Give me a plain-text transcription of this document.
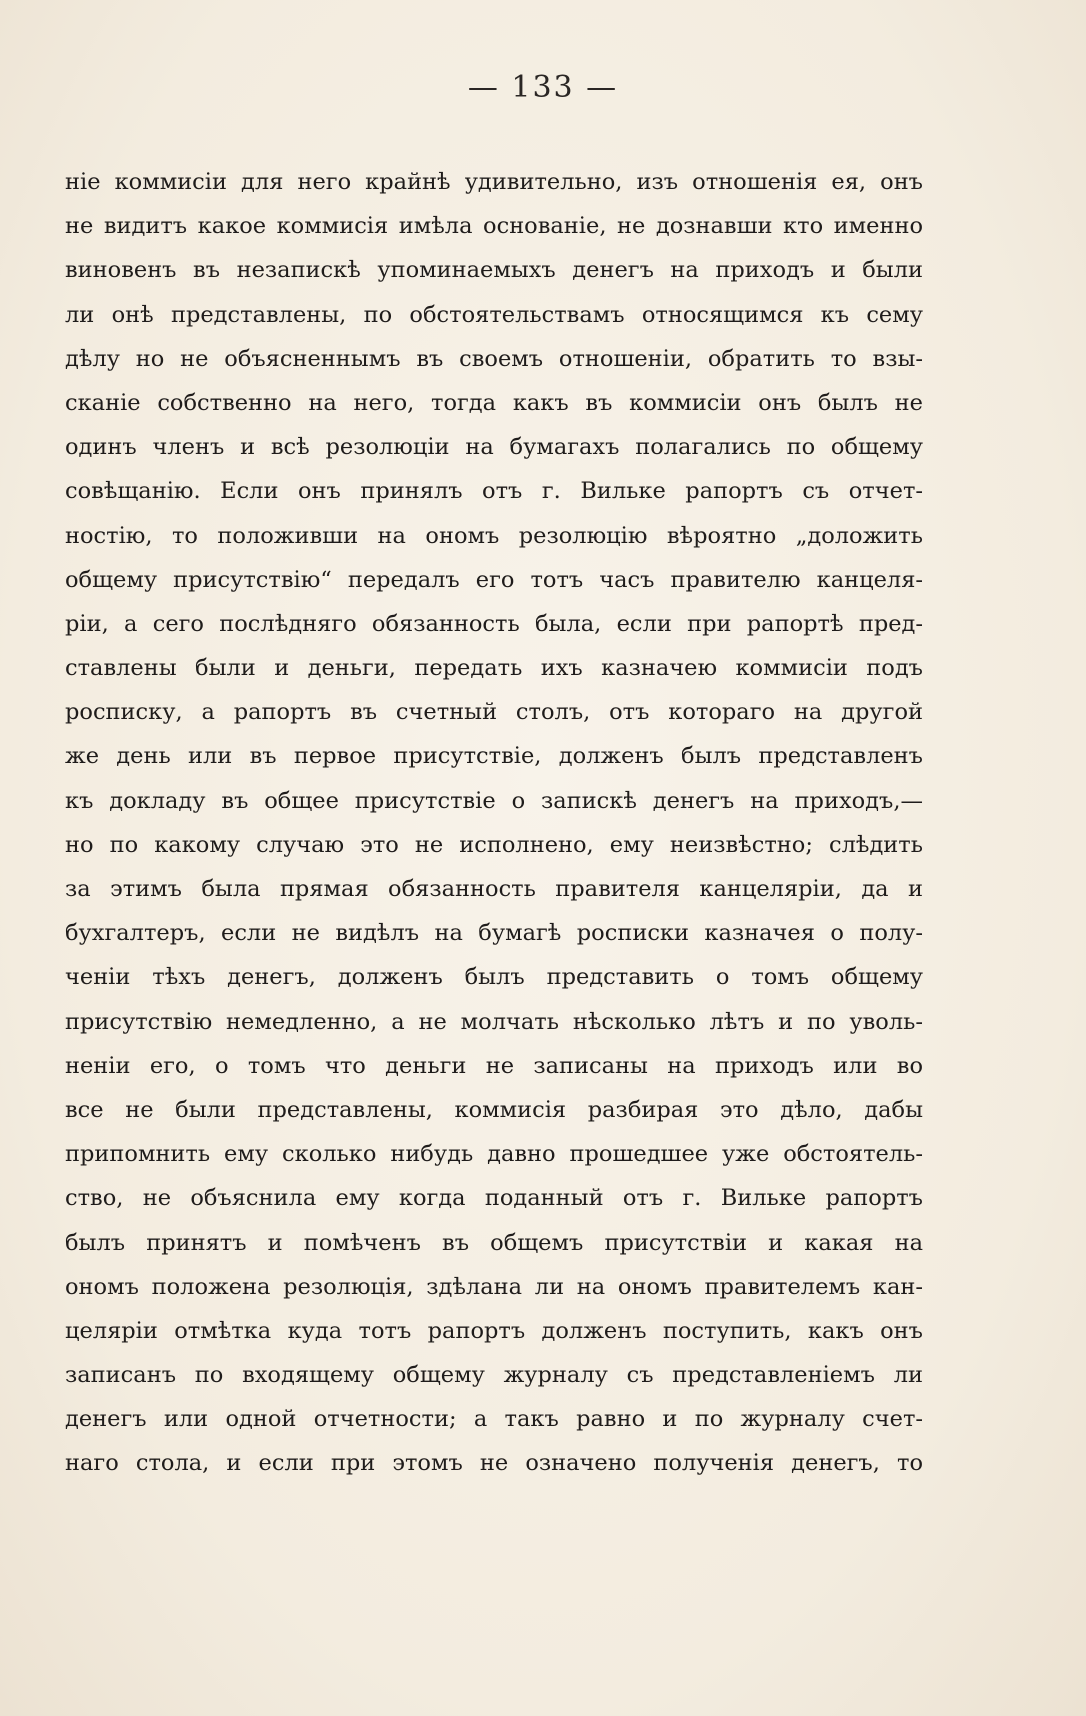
— 133 —
ніе коммисіи для него крайнѣ удивительно, изъ отношенія ея, онъ
не видитъ какое коммисія имѣла основаніе, не дознавши кто именно
виновенъ въ незапискѣ упоминаемыхъ денегъ на приходъ и были
ли онѣ представлены, по обстоятельствамъ относящимся къ сему
дѣлу но не объясненнымъ въ своемъ отношеніи, обратить то взы-
сканіе собственно на него, тогда какъ въ коммисіи онъ былъ не
одинъ членъ и всѣ резолюціи на бумагахъ полагались по общему
совѣщанію. Если онъ принялъ отъ г. Вильке рапортъ съ отчет-
ностію, то положивши на ономъ резолюцію вѣроятно „доложить
общему присутствію“ передалъ его тотъ часъ правителю канцеля-
ріи, а сего послѣдняго обязанность была, если при рапортѣ пред-
ставлены были и деньги, передать ихъ казначею коммисіи подъ
росписку, а рапортъ въ счетный столъ, отъ котораго на другой
же день или въ первое присутствіе, долженъ былъ представленъ
къ докладу въ общее присутствіе о запискѣ денегъ на приходъ,—
но по какому случаю это не исполнено, ему неизвѣстно; слѣдить
за этимъ была прямая обязанность правителя канцеляріи, да и
бухгалтеръ, если не видѣлъ на бумагѣ росписки казначея о полу-
ченіи тѣхъ денегъ, долженъ былъ представить о томъ общему
присутствію немедленно, а не молчать нѣсколько лѣтъ и по уволь-
неніи его, о томъ что деньги не записаны на приходъ или во
все не были представлены, коммисія разбирая это дѣло, дабы
припомнить ему сколько нибудь давно прошедшее уже обстоятель-
ство, не объяснила ему когда поданный отъ г. Вильке рапортъ
былъ принятъ и помѣченъ въ общемъ присутствіи и какая на
ономъ положена резолюція, здѣлана ли на ономъ правителемъ кан-
целяріи отмѣтка куда тотъ рапортъ долженъ поступить, какъ онъ
записанъ по входящему общему журналу съ представленіемъ ли
денегъ или одной отчетности; а такъ равно и по журналу счет-
наго стола, и если при этомъ не означено полученія денегъ, то
